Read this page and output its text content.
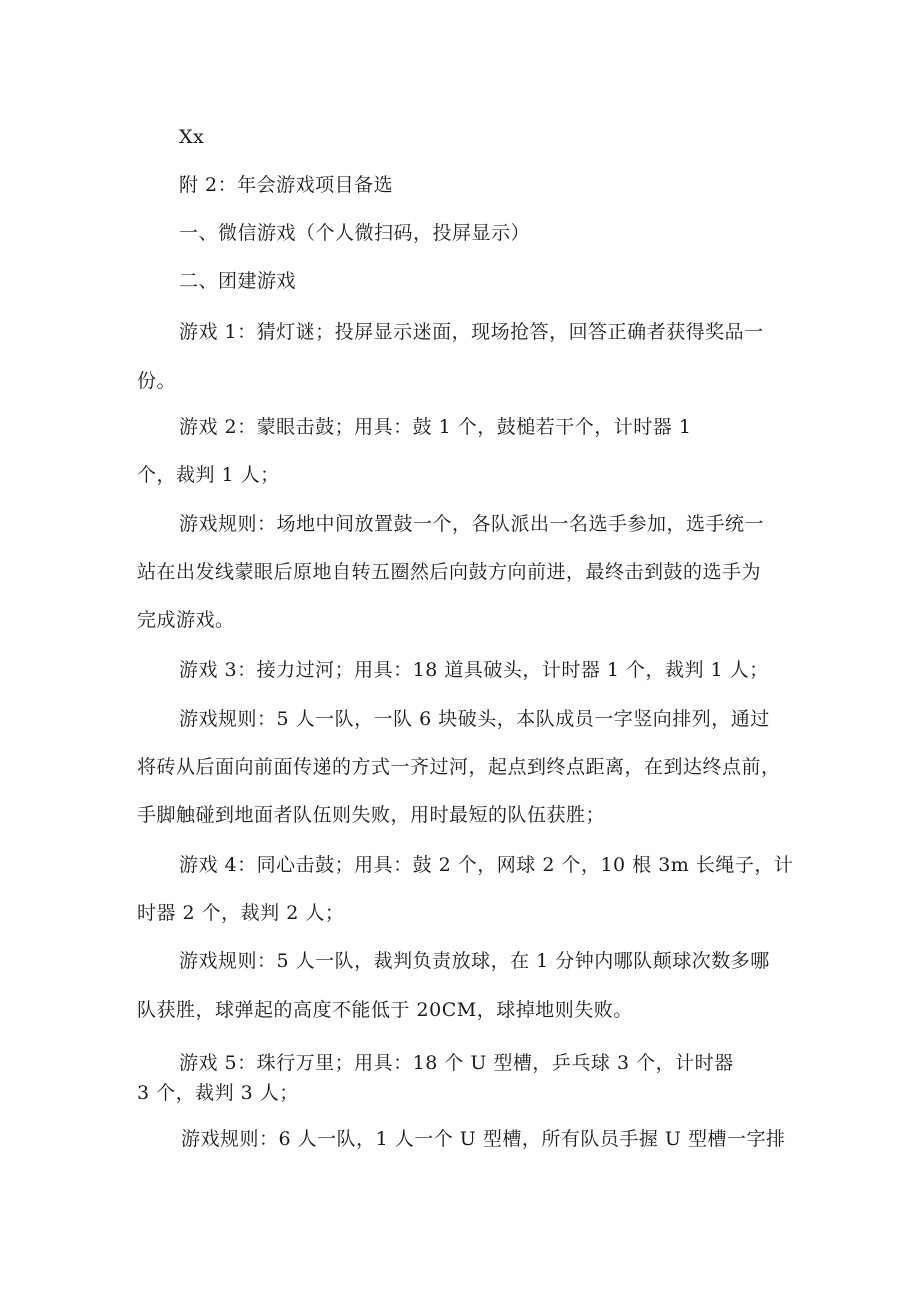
Xx
附 2：年会游戏项目备选
一、微信游戏（个人微扫码，投屏显示）
二、团建游戏
游戏 1：猜灯谜；投屏显示迷面，现场抢答，回答正确者获得奖品一
份。
游戏 2：蒙眼击鼓；用具：鼓 1 个，鼓槌若干个，计时器 1
个，裁判 1 人；
游戏规则：场地中间放置鼓一个，各队派出一名选手参加，选手统一
站在出发线蒙眼后原地自转五圈然后向鼓方向前进，最终击到鼓的选手为
完成游戏。
游戏 3：接力过河；用具：18 道具破头，计时器 1 个，裁判 1 人；
游戏规则：5 人一队，一队 6 块破头，本队成员一字竖向排列，通过
将砖从后面向前面传递的方式一齐过河，起点到终点距离，在到达终点前，
手脚触碰到地面者队伍则失败，用时最短的队伍获胜；
游戏 4：同心击鼓；用具：鼓 2 个，网球 2 个，10 根 3m 长绳子，计
时器 2 个，裁判 2 人；
游戏规则：5 人一队，裁判负责放球，在 1 分钟内哪队颠球次数多哪
队获胜，球弹起的高度不能低于 20CM，球掉地则失败。
游戏 5：珠行万里；用具：18 个 U 型槽，乒乓球 3 个，计时器
3 个，裁判 3 人；
游戏规则：6 人一队，1 人一个 U 型槽，所有队员手握 U 型槽一字排
